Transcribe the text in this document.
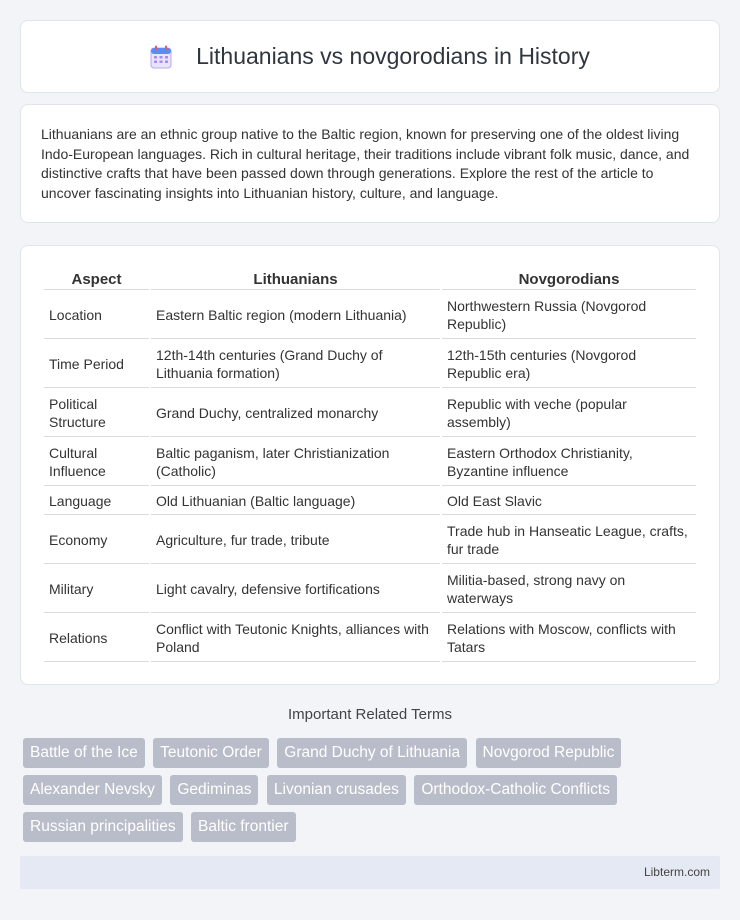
Lithuanians vs novgorodians in History

Lithuanians are an ethnic group native to the Baltic region, known for preserving one of the oldest living Indo-European languages. Rich in cultural heritage, their traditions include vibrant folk music, dance, and distinctive crafts that have been passed down through generations. Explore the rest of the article to uncover fascinating insights into Lithuanian history, culture, and language.

Aspect	Lithuanians	Novgorodians
Location	Eastern Baltic region (modern Lithuania)	Northwestern Russia (Novgorod Republic)
Time Period	12th-14th centuries (Grand Duchy of Lithuania formation)	12th-15th centuries (Novgorod Republic era)
Political Structure	Grand Duchy, centralized monarchy	Republic with veche (popular assembly)
Cultural Influence	Baltic paganism, later Christianization (Catholic)	Eastern Orthodox Christianity, Byzantine influence
Language	Old Lithuanian (Baltic language)	Old East Slavic
Economy	Agriculture, fur trade, tribute	Trade hub in Hanseatic League, crafts, fur trade
Military	Light cavalry, defensive fortifications	Militia-based, strong navy on waterways
Relations	Conflict with Teutonic Knights, alliances with Poland	Relations with Moscow, conflicts with Tatars
Important Related Terms
Battle of the Ice Teutonic Order Grand Duchy of Lithuania Novgorod Republic Alexander Nevsky Gediminas Livonian crusades Orthodox-Catholic Conflicts Russian principalities Baltic frontier
Libterm.com
